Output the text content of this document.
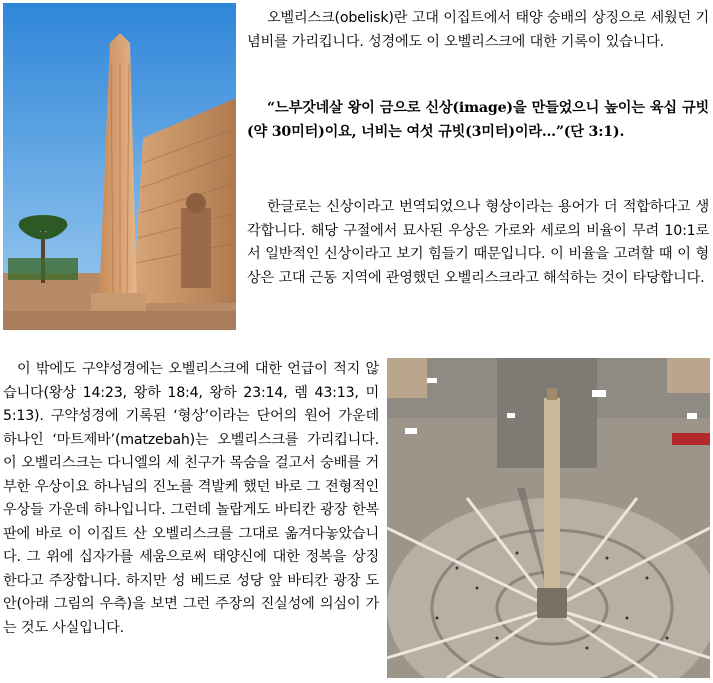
오벨리스크(obelisk)란 고대 이집트에서 태양 숭배의 상징으로 세웠던 기념비를 가리킵니다. 성경에도 이 오벨리스크에 대한 기록이 있습니다.

“느부갓네살 왕이 금으로 신상(image)을 만들었으니 높이는 육십 규빗(약 30미터)이요, 너비는 여섯 규빗(3미터)이라…”(단 3:1).

한글로는 신상이라고 번역되었으나 형상이라는 용어가 더 적합하다고 생각합니다. 해당 구절에서 묘사된 우상은 가로와 세로의 비율이 무려 10:1로서 일반적인 신상이라고 보기 힘들기 때문입니다. 이 비율을 고려할 때 이 형상은 고대 근동 지역에 관영했던 오벨리스크라고 해석하는 것이 타당합니다.

이 밖에도 구약성경에는 오벨리스크에 대한 언급이 적지 않습니다(왕상 14:23, 왕하 18:4, 왕하 23:14, 렘 43:13, 미 5:13). 구약성경에 기록된 ‘형상’이라는 단어의 원어 가운데 하나인 ‘마트제바’(matzebah)는 오벨리스크를 가리킵니다. 이 오벨리스크는 다니엘의 세 친구가 목숨을 걸고서 숭배를 거부한 우상이요 하나님의 진노를 격발케 했던 바로 그 전형적인 우상들 가운데 하나입니다. 그런데 놀랍게도 바티칸 광장 한복판에 바로 이 이집트 산 오벨리스크를 그대로 옮겨다놓았습니다. 그 위에 십자가를 세움으로써 태양신에 대한 정복을 상징한다고 주장합니다. 하지만 성 베드로 성당 앞 바티칸 광장 도안(아래 그림의 우측)을 보면 그런 주장의 진실성에 의심이 가는 것도 사실입니다.
